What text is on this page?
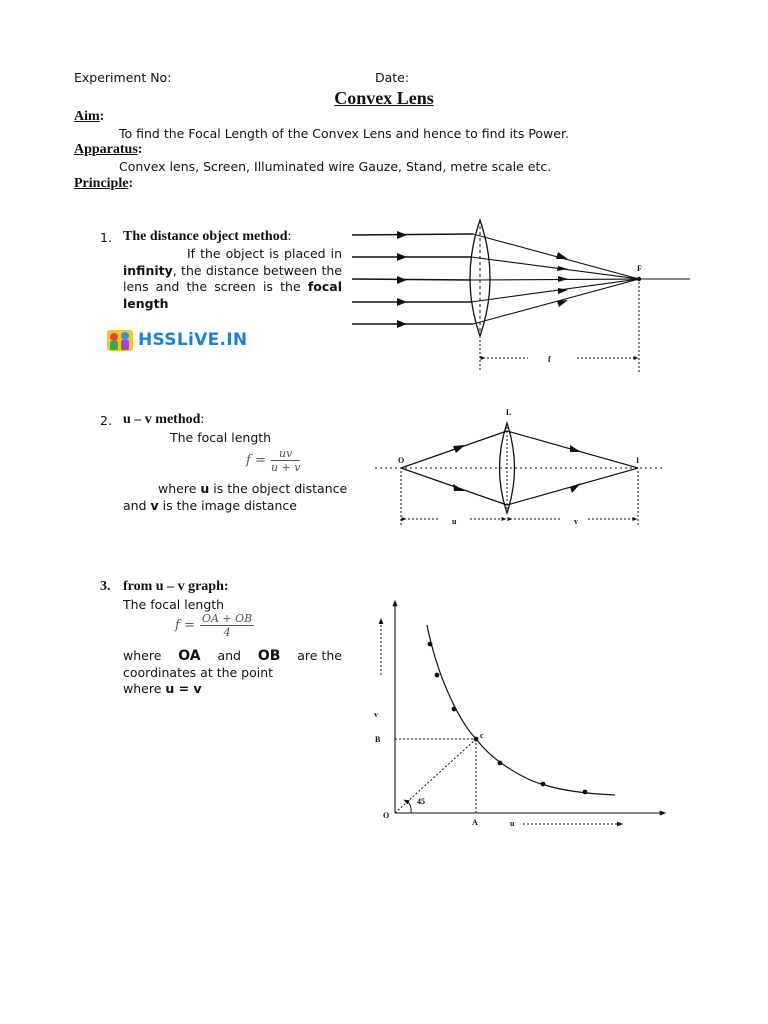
Experiment No:	Date:
Convex Lens
Aim:
To find the Focal Length of the Convex Lens and hence to find its Power.
Apparatus:
Convex lens, Screen, Illuminated wire Gauze, Stand, metre scale etc.
Principle:
1. The distance object method:
If the object is placed in infinity, the distance between the lens and the screen is the focal length
HSSLiVE.IN
F
f
2. u – v method:
The focal length
$f = \frac{uv}{u + v}$
where u is the object distance
and v is the image distance
O	I
L
u	v
3. from u – v graph:
The focal length
$f = \frac{OA + OB}{4}$
where OA and OB are the
coordinates at the point
where u = v
v
u
O
B
A
c
45
